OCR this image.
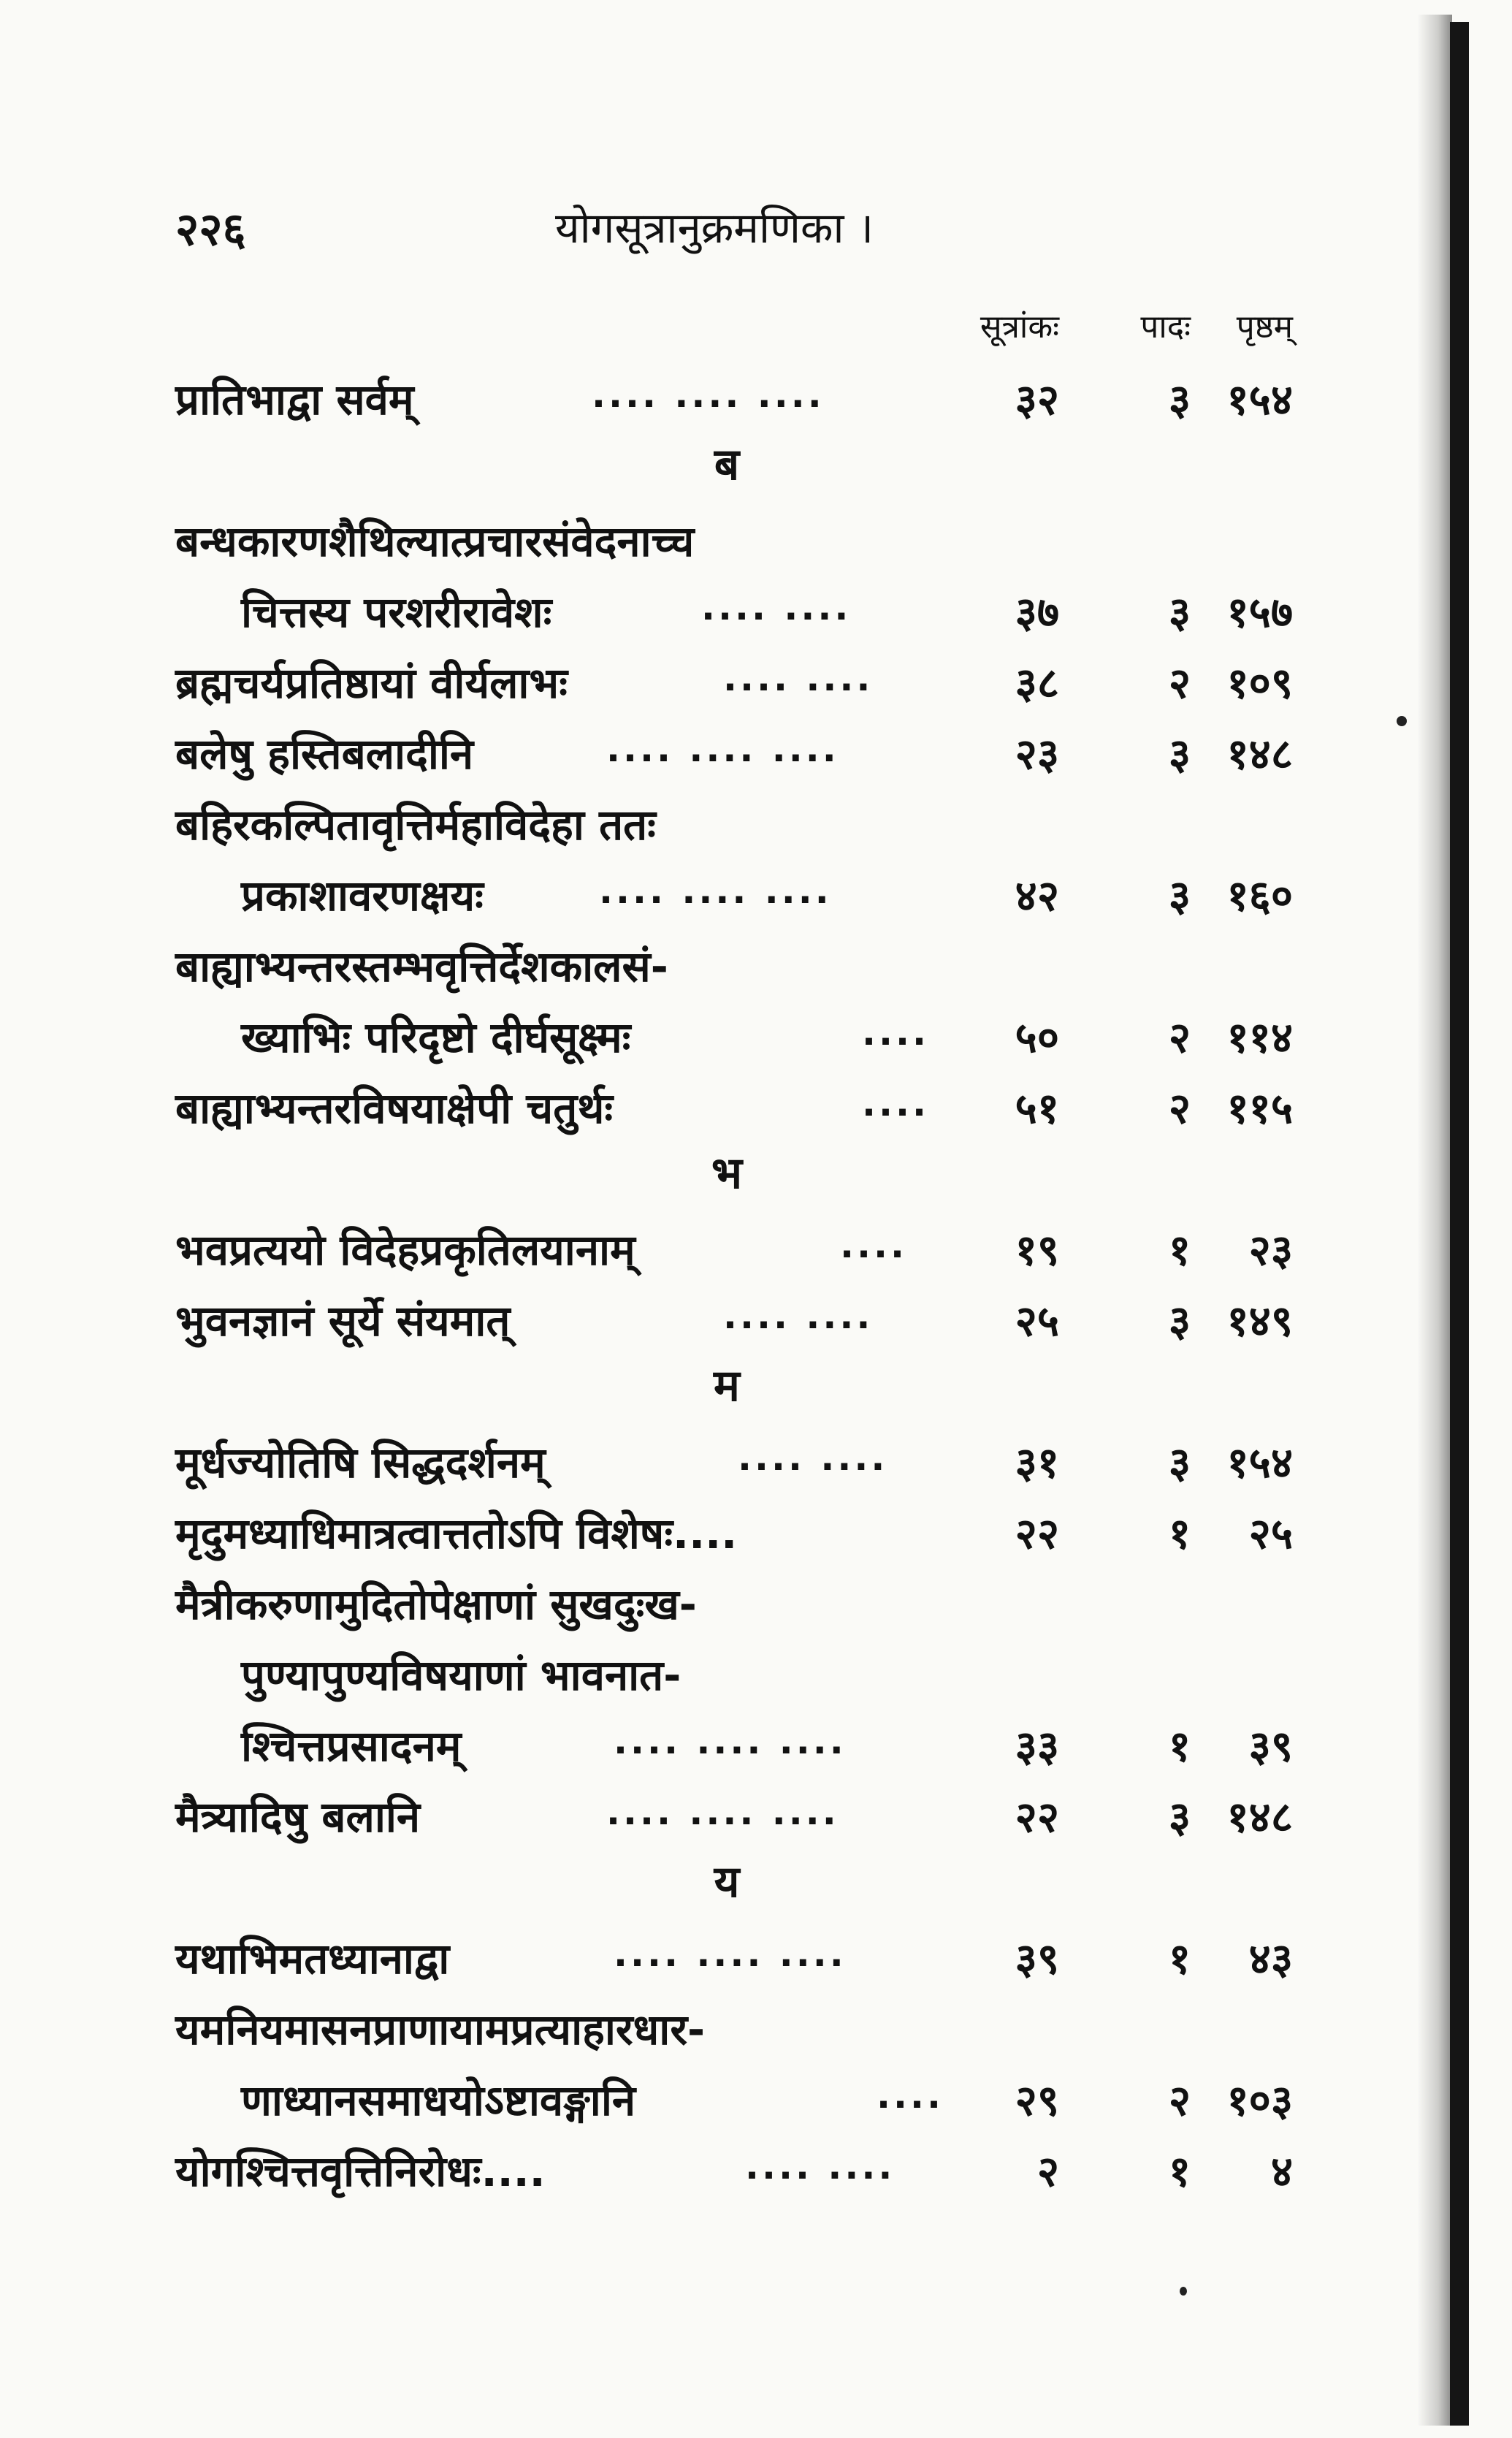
२२६	योगसूत्रानुक्रमणिका ।
सूत्रांकः	पादः	पृष्ठम्
प्रातिभाद्वा सर्वम्	.... .... ....	३२	३ १५४
ब
बन्धकारणशैथिल्यात्प्रचारसंवेदनाच्च
चित्तस्य परशरीरावेशः	.... ....	३७	३ १५७
ब्रह्मचर्यप्रतिष्ठायां वीर्यलाभः	.... ....	३८	२ १०९
बलेषु हस्तिबलादीनि	.... .... ....	२३	३ १४८
बहिरकल्पितावृत्तिर्महाविदेहा ततः
प्रकाशावरणक्षयः	.... .... ....	४२	३ १६०
बाह्याभ्यन्तरस्तम्भवृत्तिर्देशकालसं-
ख्याभिः परिदृष्टो दीर्घसूक्ष्मः	....	५०	२ ११४
बाह्याभ्यन्तरविषयाक्षेपी चतुर्थः	....	५१	२ ११५
भ
भवप्रत्ययो विदेहप्रकृतिलयानाम्	....	१९	१	२३
भुवनज्ञानं सूर्ये संयमात्	.... ....	२५	३ १४९
म
मूर्धज्योतिषि सिद्धदर्शनम्	.... ....	३१	३ १५४
मृदुमध्याधिमात्रत्वात्ततोऽपि विशेषः....	२२	१	२५
मैत्रीकरुणामुदितोपेक्षाणां सुखदुःख-
पुण्यापुण्यविषयाणां भावनात-
श्चित्तप्रसादनम्	.... .... ....	३३	१	३९
मैत्र्यादिषु बलानि	.... .... ....	२२	३ १४८
य
यथाभिमतध्यानाद्वा	.... .... ....	३९	१	४३
यमनियमासनप्राणायामप्रत्याहारधार-
णाध्यानसमाधयोऽष्टावङ्गानि	....	२९	२ १०३
योगश्चित्तवृत्तिनिरोधः....	.... ....	२	१	४
